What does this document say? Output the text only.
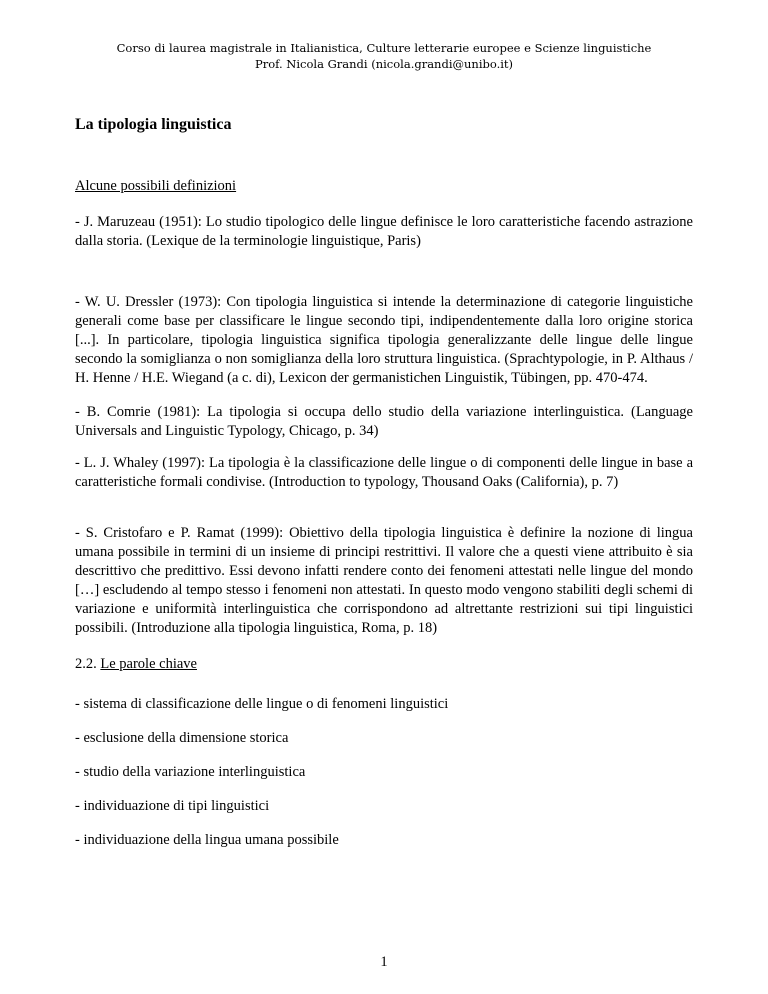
Corso di laurea magistrale in Italianistica, Culture letterarie europee e Scienze linguistiche
Prof. Nicola Grandi (nicola.grandi@unibo.it)
La tipologia linguistica

Alcune possibili definizioni

- J. Maruzeau (1951): Lo studio tipologico delle lingue definisce le loro caratteristiche facendo astrazione dalla storia. (Lexique de la terminologie linguistique, Paris)

- W. U. Dressler (1973): Con tipologia linguistica si intende la determinazione di categorie linguistiche generali come base per classificare le lingue secondo tipi, indipendentemente dalla loro origine storica [...]. In particolare, tipologia linguistica significa tipologia generalizzante delle lingue delle lingue secondo la somiglianza o non somiglianza della loro struttura linguistica. (Sprachtypologie, in P. Althaus / H. Henne / H.E. Wiegand (a c. di), Lexicon der germanistichen Linguistik, Tübingen, pp. 470-474.

- B. Comrie (1981): La tipologia si occupa dello studio della variazione interlinguistica. (Language Universals and Linguistic Typology, Chicago, p. 34)

- L. J. Whaley (1997): La tipologia è la classificazione delle lingue o di componenti delle lingue in base a caratteristiche formali condivise. (Introduction to typology, Thousand Oaks (California), p. 7)

- S. Cristofaro e P. Ramat (1999): Obiettivo della tipologia linguistica è definire la nozione di lingua umana possibile in termini di un insieme di principi restrittivi. Il valore che a questi viene attribuito è sia descrittivo che predittivo. Essi devono infatti rendere conto dei fenomeni attestati nelle lingue del mondo […] escludendo al tempo stesso i fenomeni non attestati. In questo modo vengono stabiliti degli schemi di variazione e uniformità interlinguistica che corrispondono ad altrettante restrizioni sui tipi linguistici possibili. (Introduzione alla tipologia linguistica, Roma, p. 18)

2.2. Le parole chiave

- sistema di classificazione delle lingue o di fenomeni linguistici

- esclusione della dimensione storica

- studio della variazione interlinguistica

- individuazione di tipi linguistici

- individuazione della lingua umana possibile

1
